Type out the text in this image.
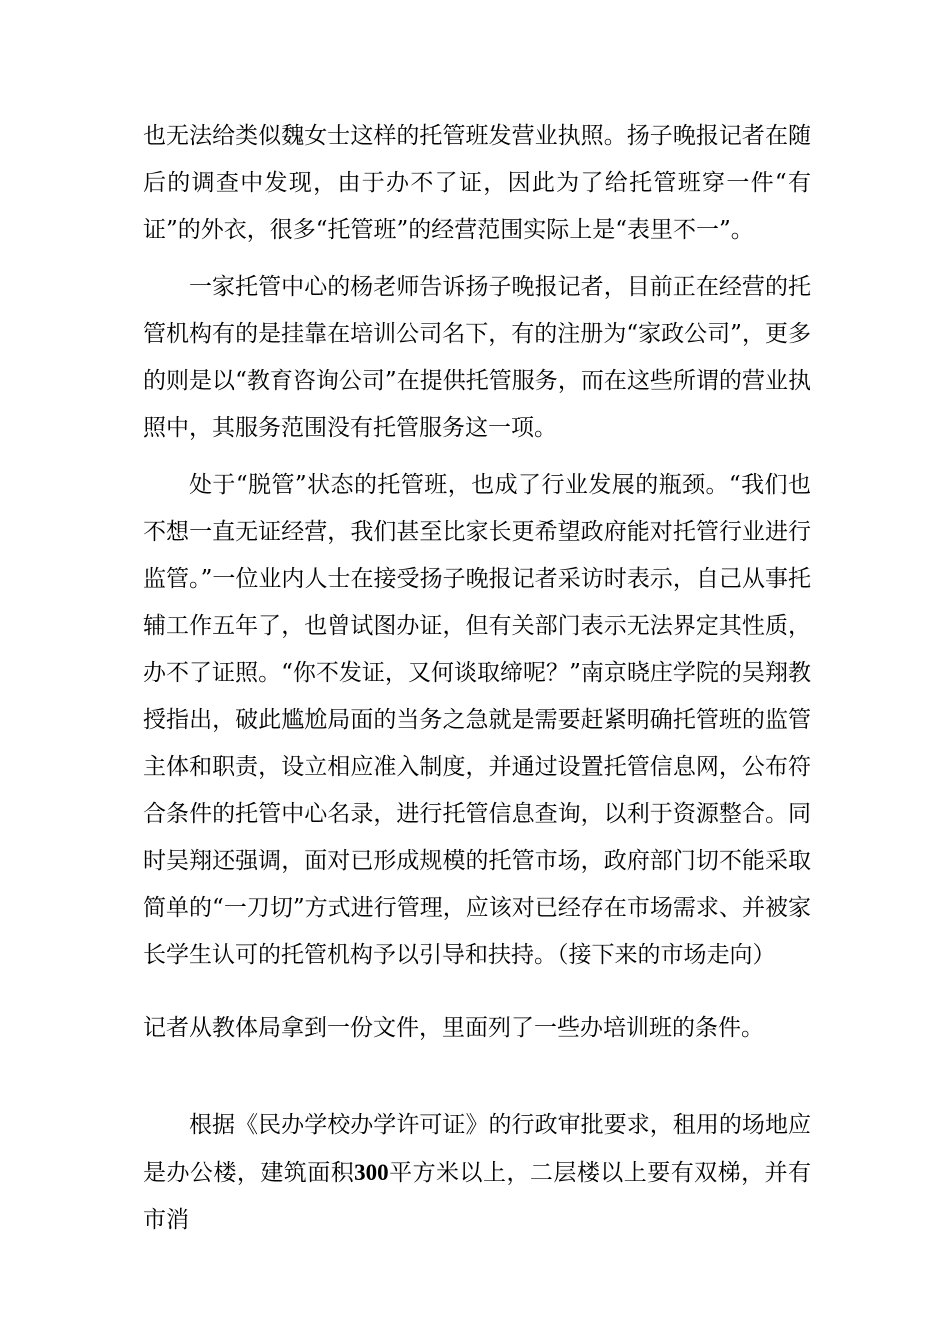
也无法给类似魏女士这样的托管班发营业执照。扬子晚报记者在随后的调查中发现，由于办不了证，因此为了给托管班穿一件“有证”的外衣，很多“托管班”的经营范围实际上是“表里不一”。

一家托管中心的杨老师告诉扬子晚报记者，目前正在经营的托管机构有的是挂靠在培训公司名下，有的注册为“家政公司”，更多的则是以“教育咨询公司”在提供托管服务，而在这些所谓的营业执照中，其服务范围没有托管服务这一项。

处于“脱管”状态的托管班，也成了行业发展的瓶颈。“我们也不想一直无证经营，我们甚至比家长更希望政府能对托管行业进行监管。”一位业内人士在接受扬子晚报记者采访时表示，自己从事托辅工作五年了，也曾试图办证，但有关部门表示无法界定其性质，办不了证照。“你不发证，又何谈取缔呢？”南京晓庄学院的吴翔教授指出，破此尴尬局面的当务之急就是需要赶紧明确托管班的监管主体和职责，设立相应准入制度，并通过设置托管信息网，公布符合条件的托管中心名录，进行托管信息查询，以利于资源整合。同时吴翔还强调，面对已形成规模的托管市场，政府部门切不能采取简单的“一刀切”方式进行管理，应该对已经存在市场需求、并被家长学生认可的托管机构予以引导和扶持。（接下来的市场走向）

记者从教体局拿到一份文件，里面列了一些办培训班的条件。

根据《民办学校办学许可证》的行政审批要求，租用的场地应是办公楼，建筑面积300平方米以上，二层楼以上要有双梯，并有市消
